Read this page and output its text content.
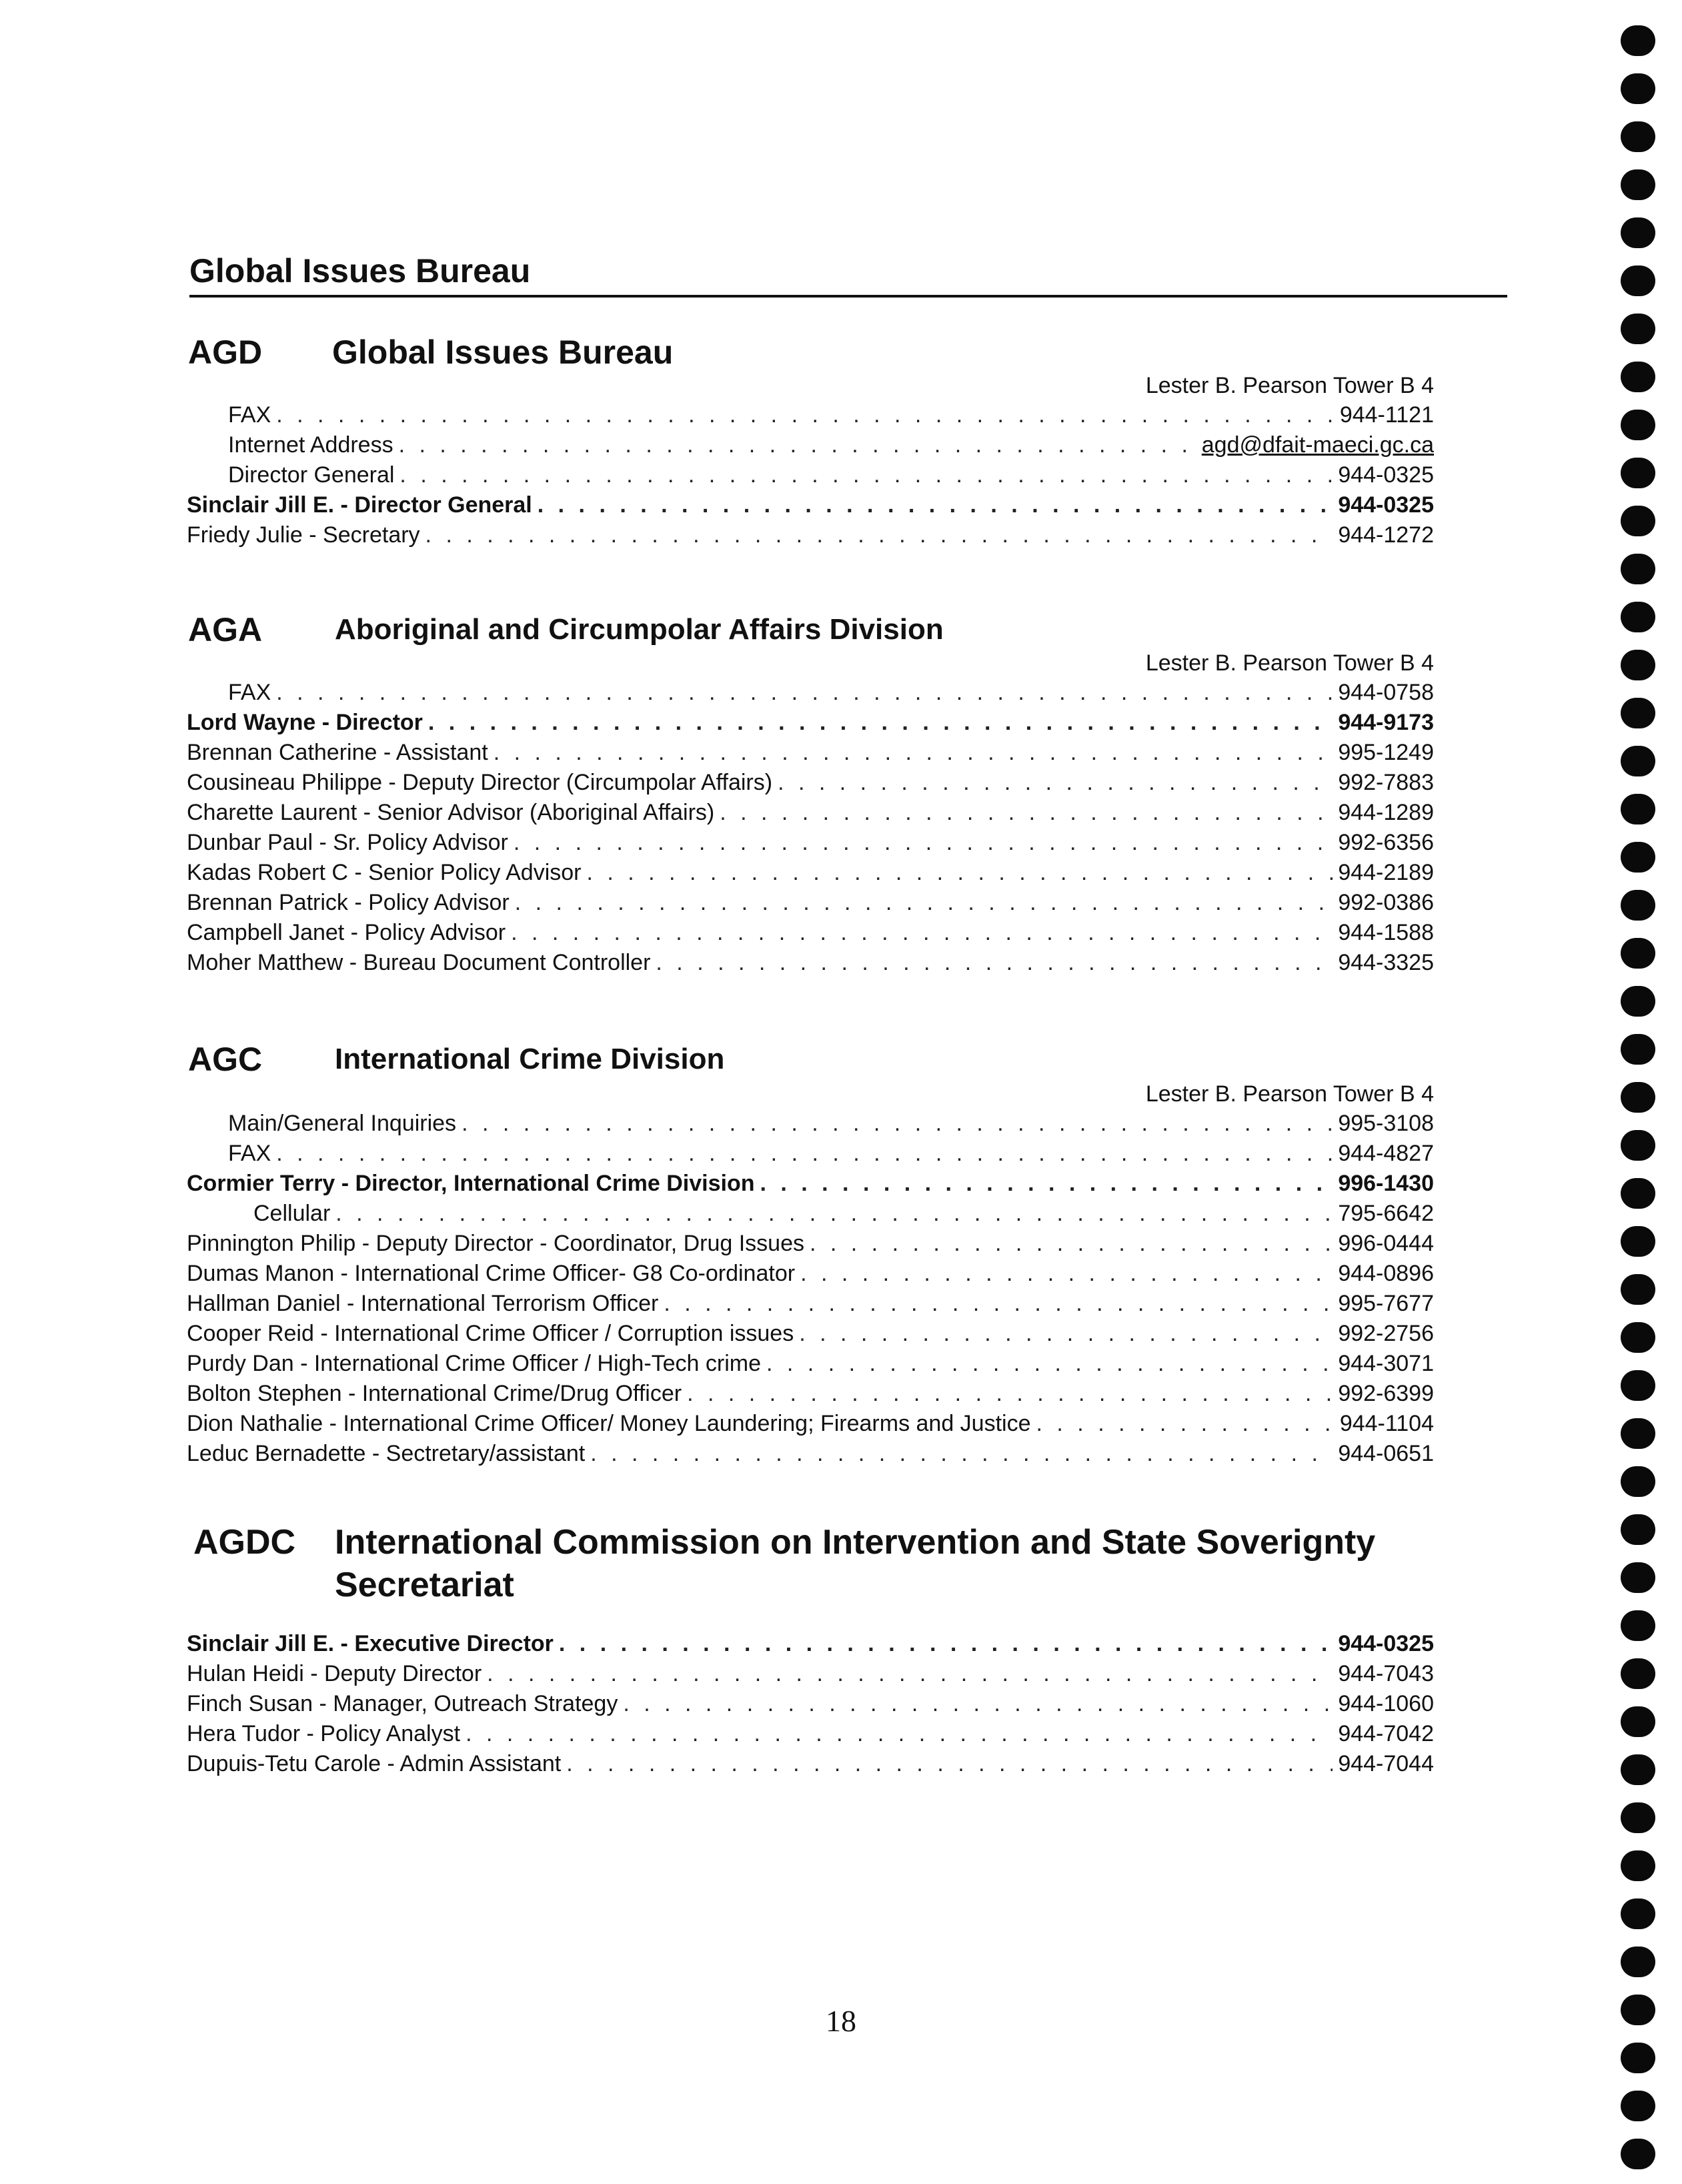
Global Issues Bureau
AGD Global Issues Bureau
Lester B. Pearson Tower B 4
FAX . . .	944-1121
Internet Address . . .	agd@dfait-maeci.gc.ca
Director General . . .	944-0325
Sinclair Jill E. - Director General . . .	944-0325
Friedy Julie - Secretary . . .	944-1272
AGA Aboriginal and Circumpolar Affairs Division
Lester B. Pearson Tower B 4
FAX . . .	944-0758
Lord Wayne - Director . . .	944-9173
Brennan Catherine - Assistant . . .	995-1249
Cousineau Philippe - Deputy Director (Circumpolar Affairs) . . .	992-7883
Charette Laurent - Senior Advisor (Aboriginal Affairs) . . .	944-1289
Dunbar Paul - Sr. Policy Advisor . . .	992-6356
Kadas Robert C - Senior Policy Advisor . . .	944-2189
Brennan Patrick - Policy Advisor . . .	992-0386
Campbell Janet - Policy Advisor . . .	944-1588
Moher Matthew - Bureau Document Controller . . .	944-3325
AGC International Crime Division
Lester B. Pearson Tower B 4
Main/General Inquiries . . .	995-3108
FAX . . .	944-4827
Cormier Terry - Director, International Crime Division . . .	996-1430
Cellular . . .	795-6642
Pinnington Philip - Deputy Director - Coordinator, Drug Issues . . .	996-0444
Dumas Manon - International Crime Officer- G8 Co-ordinator . . .	944-0896
Hallman Daniel - International Terrorism Officer . . .	995-7677
Cooper Reid - International Crime Officer / Corruption issues . . .	992-2756
Purdy Dan - International Crime Officer / High-Tech crime . . .	944-3071
Bolton Stephen - International Crime/Drug Officer . . .	992-6399
Dion Nathalie - International Crime Officer/ Money Laundering; Firearms and Justice . . .	944-1104
Leduc Bernadette - Sectretary/assistant . . .	944-0651
AGDC International Commission on Intervention and State Soverignty
Secretariat
Sinclair Jill E. - Executive Director . . .	944-0325
Hulan Heidi - Deputy Director . . .	944-7043
Finch Susan - Manager, Outreach Strategy . . .	944-1060
Hera Tudor - Policy Analyst . . .	944-7042
Dupuis-Tetu Carole - Admin Assistant . . .	944-7044
18
